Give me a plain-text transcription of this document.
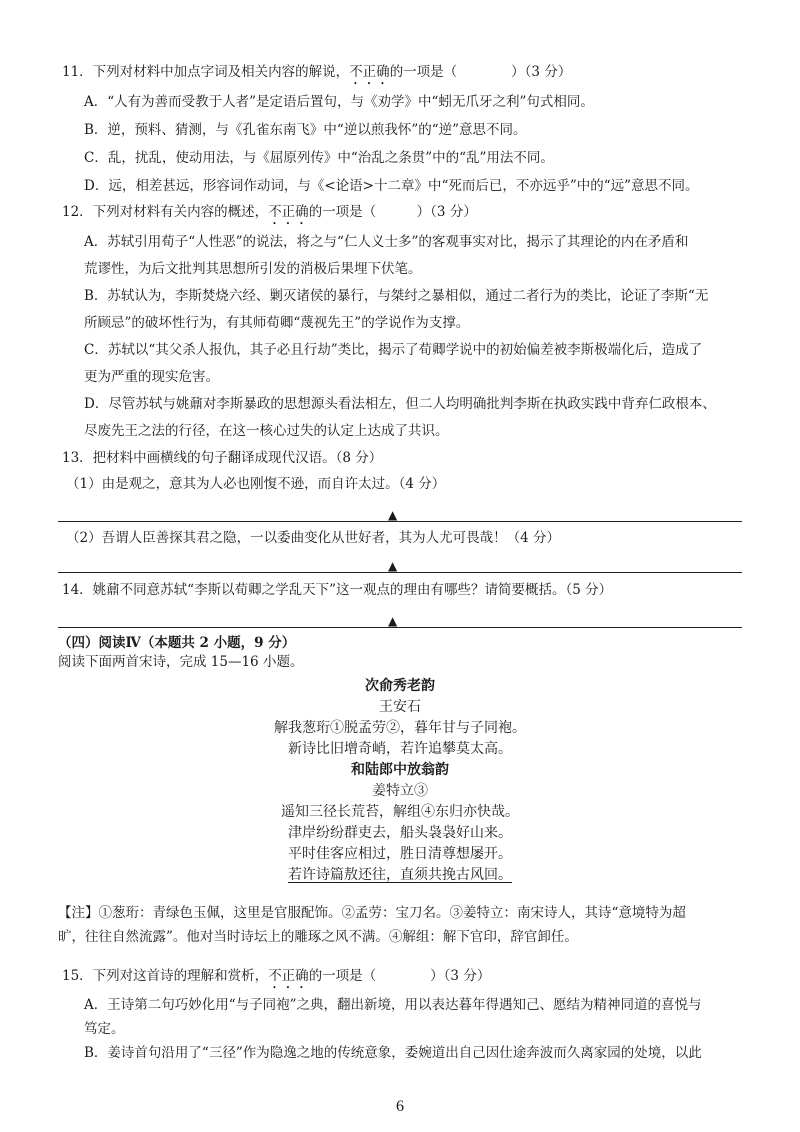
11．下列对材料中加点字词及相关内容的解说，不正确的一项是（　　　　）（3 分）
A．“人有为善而受教于人者”是定语后置句，与《劝学》中“蚓无爪牙之利”句式相同。
B．逆，预料、猜测，与《孔雀东南飞》中“逆以煎我怀”的“逆”意思不同。
C．乱，扰乱，使动用法，与《屈原列传》中“治乱之条贯”中的“乱”用法不同。
D．远，相差甚远，形容词作动词，与《<论语>十二章》中“死而后已，不亦远乎”中的“远”意思不同。
12．下列对材料有关内容的概述，不正确的一项是（　　　）（3 分）
A．苏轼引用荀子“人性恶”的说法，将之与“仁人义士多”的客观事实对比，揭示了其理论的内在矛盾和
荒谬性，为后文批判其思想所引发的消极后果埋下伏笔。
B．苏轼认为，李斯焚烧六经、剿灭诸侯的暴行，与桀纣之暴相似，通过二者行为的类比，论证了李斯“无
所顾忌”的破坏性行为，有其师荀卿“蔑视先王”的学说作为支撑。
C．苏轼以“其父杀人报仇，其子必且行劫”类比，揭示了荀卿学说中的初始偏差被李斯极端化后，造成了
更为严重的现实危害。
D．尽管苏轼与姚鼐对李斯暴政的思想源头看法相左，但二人均明确批判李斯在执政实践中背弃仁政根本、
尽废先王之法的行径，在这一核心过失的认定上达成了共识。
13．把材料中画横线的句子翻译成现代汉语。（8 分）
（1）由是观之，意其为人必也刚愎不逊，而自许太过。（4 分）
▲
（2）吾谓人臣善探其君之隐，一以委曲变化从世好者，其为人尤可畏哉！（4 分）
▲
14．姚鼐不同意苏轼“李斯以荀卿之学乱天下”这一观点的理由有哪些？请简要概括。（5 分）
▲
（四）阅读Ⅳ（本题共 2 小题，9 分）
阅读下面两首宋诗，完成 15—16 小题。
次俞秀老韵
王安石
解我葱珩①脱孟劳②，暮年甘与子同袍。
新诗比旧增奇峭，若许追攀莫太高。
和陆郎中放翁韵
姜特立③
遥知三径长荒苔，解组④东归亦快哉。
津岸纷纷群吏去，船头袅袅好山来。
平时佳客应相过，胜日清尊想屡开。
若许诗篇敖还往，直须共挽古风回。
【注】①葱珩：青绿色玉佩，这里是官服配饰。②孟劳：宝刀名。③姜特立：南宋诗人，其诗“意境特为超
旷，往往自然流露”。他对当时诗坛上的雕琢之风不满。④解组：解下官印，辞官卸任。
15．下列对这首诗的理解和赏析，不正确的一项是（　　　　）（3 分）
A．王诗第二句巧妙化用“与子同袍”之典，翻出新境，用以表达暮年得遇知己、愿结为精神同道的喜悦与
笃定。
B．姜诗首句沿用了“三径”作为隐逸之地的传统意象，委婉道出自己因仕途奔波而久离家园的处境，以此
6
